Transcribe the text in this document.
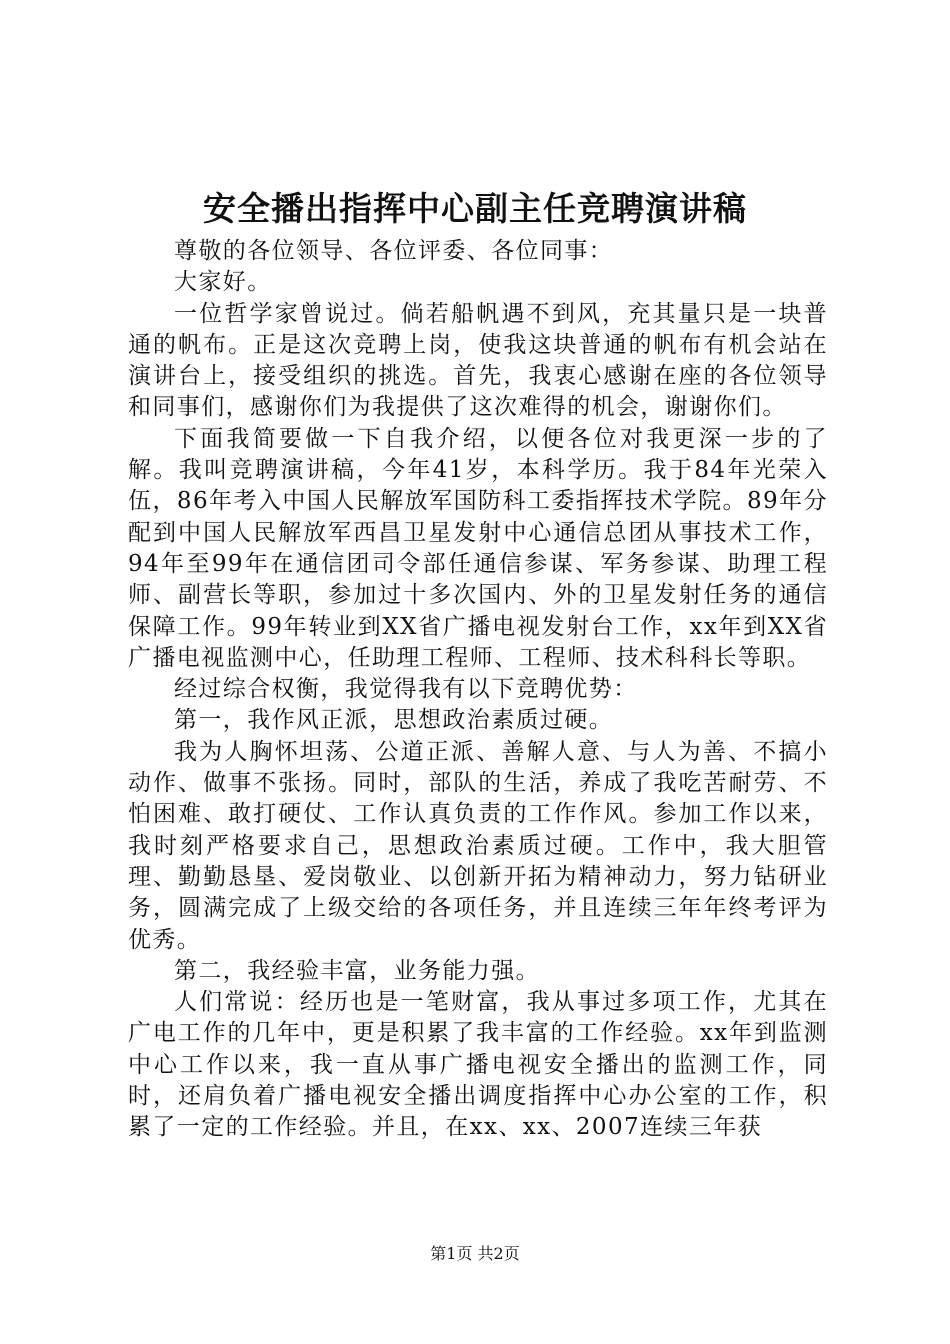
安全播出指挥中心副主任竞聘演讲稿

尊敬的各位领导、各位评委、各位同事：

大家好。

一位哲学家曾说过。倘若船帆遇不到风，充其量只是一块普通的帆布。正是这次竞聘上岗，使我这块普通的帆布有机会站在演讲台上，接受组织的挑选。首先，我衷心感谢在座的各位领导和同事们，感谢你们为我提供了这次难得的机会，谢谢你们。

下面我简要做一下自我介绍，以便各位对我更深一步的了解。我叫竞聘演讲稿，今年41岁，本科学历。我于84年光荣入伍，86年考入中国人民解放军国防科工委指挥技术学院。89年分配到中国人民解放军西昌卫星发射中心通信总团从事技术工作，94年至99年在通信团司令部任通信参谋、军务参谋、助理工程师、副营长等职，参加过十多次国内、外的卫星发射任务的通信保障工作。99年转业到XX省广播电视发射台工作，xx年到XX省广播电视监测中心，任助理工程师、工程师、技术科科长等职。

经过综合权衡，我觉得我有以下竞聘优势：

第一，我作风正派，思想政治素质过硬。

我为人胸怀坦荡、公道正派、善解人意、与人为善、不搞小动作、做事不张扬。同时，部队的生活，养成了我吃苦耐劳、不怕困难、敢打硬仗、工作认真负责的工作作风。参加工作以来，我时刻严格要求自己，思想政治素质过硬。工作中，我大胆管理、勤勤恳垦、爱岗敬业、以创新开拓为精神动力，努力钻研业务，圆满完成了上级交给的各项任务，并且连续三年年终考评为优秀。

第二，我经验丰富，业务能力强。

人们常说：经历也是一笔财富，我从事过多项工作，尤其在广电工作的几年中，更是积累了我丰富的工作经验。xx年到监测中心工作以来，我一直从事广播电视安全播出的监测工作，同时，还肩负着广播电视安全播出调度指挥中心办公室的工作，积累了一定的工作经验。并且，在xx、xx、2007连续三年获

第1页 共2页
